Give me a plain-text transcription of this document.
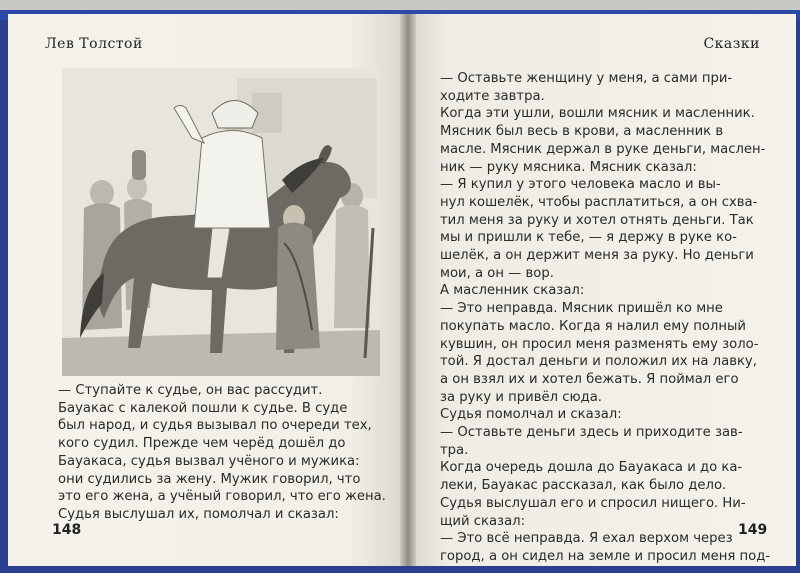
Лев Толстой	Сказки
— Ступайте к судье, он вас рассудит.
Бауакас с калекой пошли к судье. В суде
был народ, и судья вызывал по очереди тех,
кого судил. Прежде чем черёд дошёл до
Бауакаса, судья вызвал учёного и мужика:
они судились за жену. Мужик говорил, что
это его жена, а учёный говорил, что его жена.
Судья выслушал их, помолчал и сказал:
— Оставьте женщину у меня, а сами при-
ходите завтра.
Когда эти ушли, вошли мясник и масленник.
Мясник был весь в крови, а масленник в
масле. Мясник держал в руке деньги, маслен-
ник — руку мясника. Мясник сказал:
— Я купил у этого человека масло и вы-
нул кошелёк, чтобы расплатиться, а он схва-
тил меня за руку и хотел отнять деньги. Так
мы и пришли к тебе, — я держу в руке ко-
шелёк, а он держит меня за руку. Но деньги
мои, а он — вор.
А масленник сказал:
— Это неправда. Мясник пришёл ко мне
покупать масло. Когда я налил ему полный
кувшин, он просил меня разменять ему золо-
той. Я достал деньги и положил их на лавку,
а он взял их и хотел бежать. Я поймал его
за руку и привёл сюда.
Судья помолчал и сказал:
— Оставьте деньги здесь и приходите зав-
тра.
Когда очередь дошла до Бауакаса и до ка-
леки, Бауакас рассказал, как было дело.
Судья выслушал его и спросил нищего. Ни-
щий сказал:
— Это всё неправда. Я ехал верхом через
город, а он сидел на земле и просил меня под-
148	149
